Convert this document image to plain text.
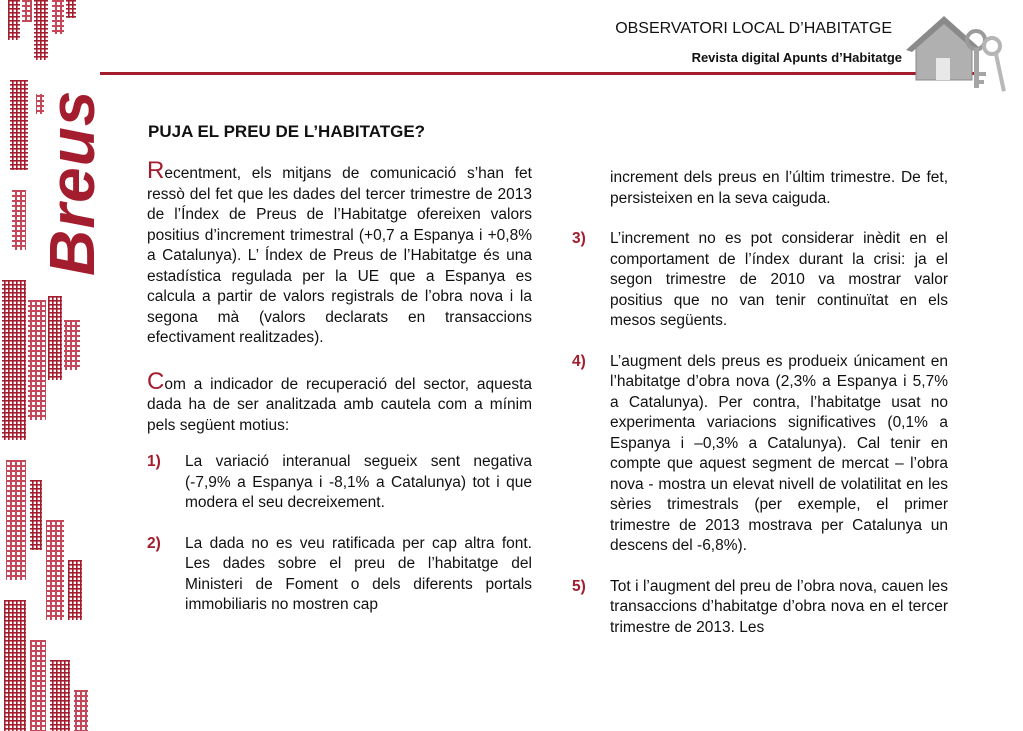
Breus
OBSERVATORI LOCAL D’HABITATGE
Revista digital Apunts d’Habitatge
PUJA EL PREU DE L’HABITATGE?

Recentment, els mitjans de comunicació s’han fet ressò del fet que les dades del tercer trimestre de 2013 de l’Índex de Preus de l’Habitatge ofereixen valors positius d’increment trimestral (+0,7 a Espanya i +0,8% a Catalunya). L’ Índex de Preus de l’Habitatge és una estadística regulada per la UE que a Espanya es calcula a partir de valors registrals de l’obra nova i la segona mà (valors declarats en transaccions efectivament realitzades).

Com a indicador de recuperació del sector, aquesta dada ha de ser analitzada amb cautela com a mínim pels següent motius:

1) La variació interanual segueix sent negativa (-7,9% a Espanya i -8,1% a Catalunya) tot i que modera el seu decreixement.
2) La dada no es veu ratificada per cap altra font. Les dades sobre el preu de l’habitatge del Ministeri de Foment o dels diferents portals immobiliaris no mostren cap
increment dels preus en l’últim trimestre. De fet, persisteixen en la seva caiguda.
3) L’increment no es pot considerar inèdit en el comportament de l’índex durant la crisi: ja el segon trimestre de 2010 va mostrar valor positius que no van tenir continuïtat en els mesos següents.
4) L’augment dels preus es produeix únicament en l’habitatge d’obra nova (2,3% a Espanya i 5,7% a Catalunya). Per contra, l’habitatge usat no experimenta variacions significatives (0,1% a Espanya i –0,3% a Catalunya). Cal tenir en compte que aquest segment de mercat – l’obra nova - mostra un elevat nivell de volatilitat en les sèries trimestrals (per exemple, el primer trimestre de 2013 mostrava per Catalunya un descens del -6,8%).
5) Tot i l’augment del preu de l’obra nova, cauen les transaccions d’habitatge d’obra nova en el tercer trimestre de 2013. Les
